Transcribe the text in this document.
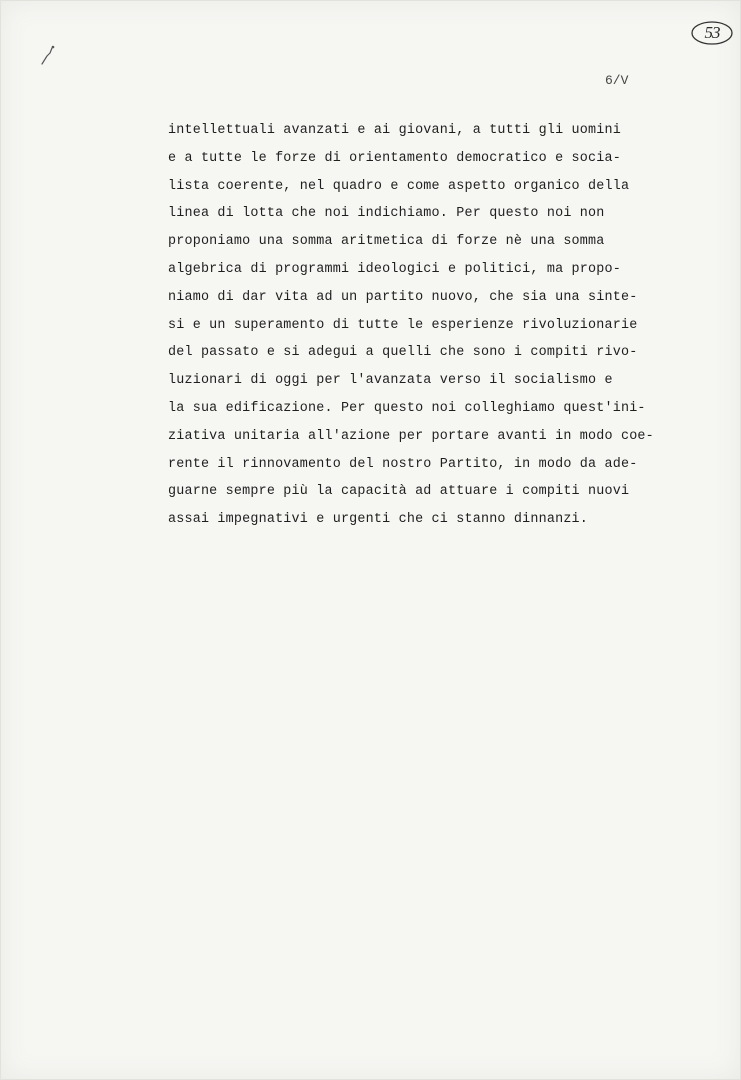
53
6/V
intellettuali avanzati e ai giovani, a tutti gli uomini
e a tutte le forze di orientamento democratico e socia-
lista coerente, nel quadro e come aspetto organico della
linea di lotta che noi indichiamo. Per questo noi non
proponiamo una somma aritmetica di forze nè una somma
algebrica di programmi ideologici e politici, ma propo-
niamo di dar vita ad un partito nuovo, che sia una sinte-
si e un superamento di tutte le esperienze rivoluzionarie
del passato e si adegui a quelli che sono i compiti rivo-
luzionari di oggi per l'avanzata verso il socialismo e
la sua edificazione. Per questo noi colleghiamo quest'ini-
ziativa unitaria all'azione per portare avanti in modo coe-
rente il rinnovamento del nostro Partito, in modo da ade-
guarne sempre più la capacità ad attuare i compiti nuovi
assai impegnativi e urgenti che ci stanno dinnanzi.
